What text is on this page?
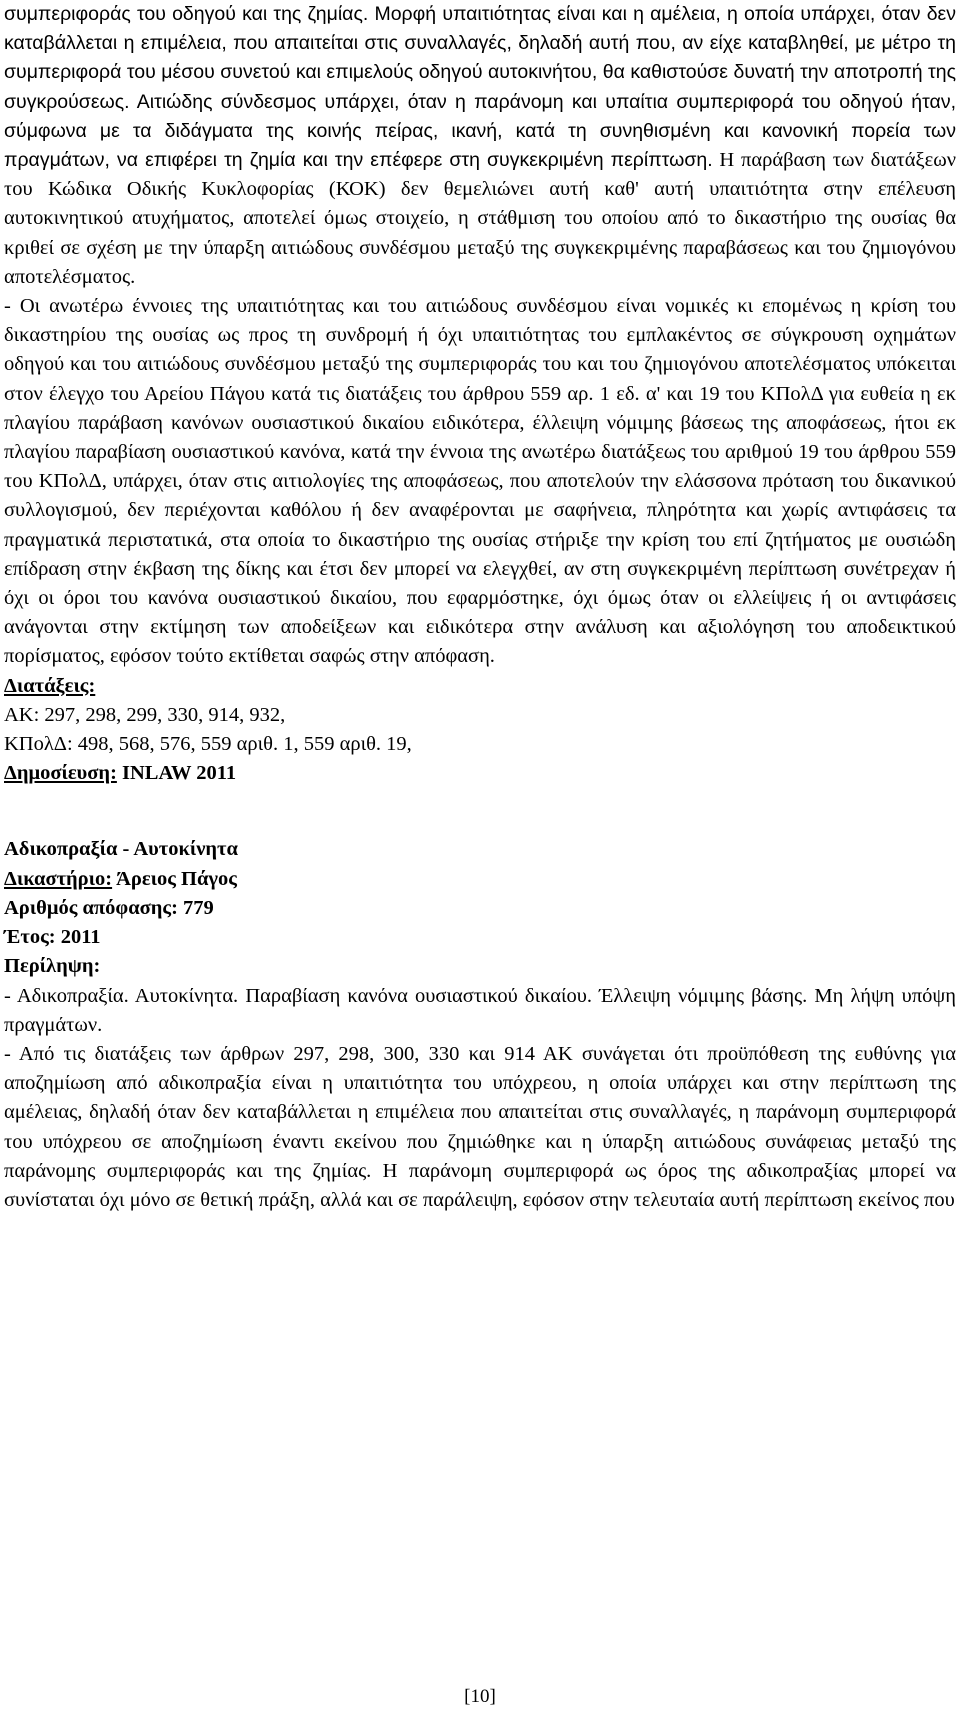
συμπεριφοράς του οδηγού και της ζημίας. Μορφή υπαιτιότητας είναι και η αμέλεια, η οποία υπάρχει, όταν δεν καταβάλλεται η επιμέλεια, που απαιτείται στις συναλλαγές, δηλαδή αυτή που, αν είχε καταβληθεί, με μέτρο τη συμπεριφορά του μέσου συνετού και επιμελούς οδηγού αυτοκινήτου, θα καθιστούσε δυνατή την αποτροπή της συγκρούσεως. Αιτιώδης σύνδεσμος υπάρχει, όταν η παράνομη και υπαίτια συμπεριφορά του οδηγού ήταν, σύμφωνα με τα διδάγματα της κοινής πείρας, ικανή, κατά τη συνηθισμένη και κανονική πορεία των πραγμάτων, να επιφέρει τη ζημία και την επέφερε στη συγκεκριμένη περίπτωση. Η παράβαση των διατάξεων του Κώδικα Οδικής Κυκλοφορίας (ΚΟΚ) δεν θεμελιώνει αυτή καθ' αυτή υπαιτιότητα στην επέλευση αυτοκινητικού ατυχήματος, αποτελεί όμως στοιχείο, η στάθμιση του οποίου από το δικαστήριο της ουσίας θα κριθεί σε σχέση με την ύπαρξη αιτιώδους συνδέσμου μεταξύ της συγκεκριμένης παραβάσεως και του ζημιογόνου αποτελέσματος.

- Οι ανωτέρω έννοιες της υπαιτιότητας και του αιτιώδους συνδέσμου είναι νομικές κι επομένως η κρίση του δικαστηρίου της ουσίας ως προς τη συνδρομή ή όχι υπαιτιότητας του εμπλακέντος σε σύγκρουση οχημάτων οδηγού και του αιτιώδους συνδέσμου μεταξύ της συμπεριφοράς του και του ζημιογόνου αποτελέσματος υπόκειται στον έλεγχο του Αρείου Πάγου κατά τις διατάξεις του άρθρου 559 αρ. 1 εδ. α' και 19 του ΚΠολΔ για ευθεία η εκ πλαγίου παράβαση κανόνων ουσιαστικού δικαίου ειδικότερα, έλλειψη νόμιμης βάσεως της αποφάσεως, ήτοι εκ πλαγίου παραβίαση ουσιαστικού κανόνα, κατά την έννοια της ανωτέρω διατάξεως του αριθμού 19 του άρθρου 559 του ΚΠολΔ, υπάρχει, όταν στις αιτιολογίες της αποφάσεως, που αποτελούν την ελάσσονα πρόταση του δικανικού συλλογισμού, δεν περιέχονται καθόλου ή δεν αναφέρονται με σαφήνεια, πληρότητα και χωρίς αντιφάσεις τα πραγματικά περιστατικά, στα οποία το δικαστήριο της ουσίας στήριξε την κρίση του επί ζητήματος με ουσιώδη επίδραση στην έκβαση της δίκης και έτσι δεν μπορεί να ελεγχθεί, αν στη συγκεκριμένη περίπτωση συνέτρεχαν ή όχι οι όροι του κανόνα ουσιαστικού δικαίου, που εφαρμόστηκε, όχι όμως όταν οι ελλείψεις ή οι αντιφάσεις ανάγονται στην εκτίμηση των αποδείξεων και ειδικότερα στην ανάλυση και αξιολόγηση του αποδεικτικού πορίσματος, εφόσον τούτο εκτίθεται σαφώς στην απόφαση.

Διατάξεις:

ΑΚ: 297, 298, 299, 330, 914, 932,

ΚΠολΔ: 498, 568, 576, 559 αριθ. 1, 559 αριθ. 19,

Δημοσίευση: INLAW 2011

Αδικοπραξία - Αυτοκίνητα

Δικαστήριο: Άρειος Πάγος

Αριθμός απόφασης: 779

Έτος: 2011

Περίληψη:

- Αδικοπραξία. Αυτοκίνητα. Παραβίαση κανόνα ουσιαστικού δικαίου. Έλλειψη νόμιμης βάσης. Μη λήψη υπόψη πραγμάτων.

- Από τις διατάξεις των άρθρων 297, 298, 300, 330 και 914 ΑΚ συνάγεται ότι προϋπόθεση της ευθύνης για αποζημίωση από αδικοπραξία είναι η υπαιτιότητα του υπόχρεου, η οποία υπάρχει και στην περίπτωση της αμέλειας, δηλαδή όταν δεν καταβάλλεται η επιμέλεια που απαιτείται στις συναλλαγές, η παράνομη συμπεριφορά του υπόχρεου σε αποζημίωση έναντι εκείνου που ζημιώθηκε και η ύπαρξη αιτιώδους συνάφειας μεταξύ της παράνομης συμπεριφοράς και της ζημίας. Η παράνομη συμπεριφορά ως όρος της αδικοπραξίας μπορεί να συνίσταται όχι μόνο σε θετική πράξη, αλλά και σε παράλειψη, εφόσον στην τελευταία αυτή περίπτωση εκείνος που

[10]
